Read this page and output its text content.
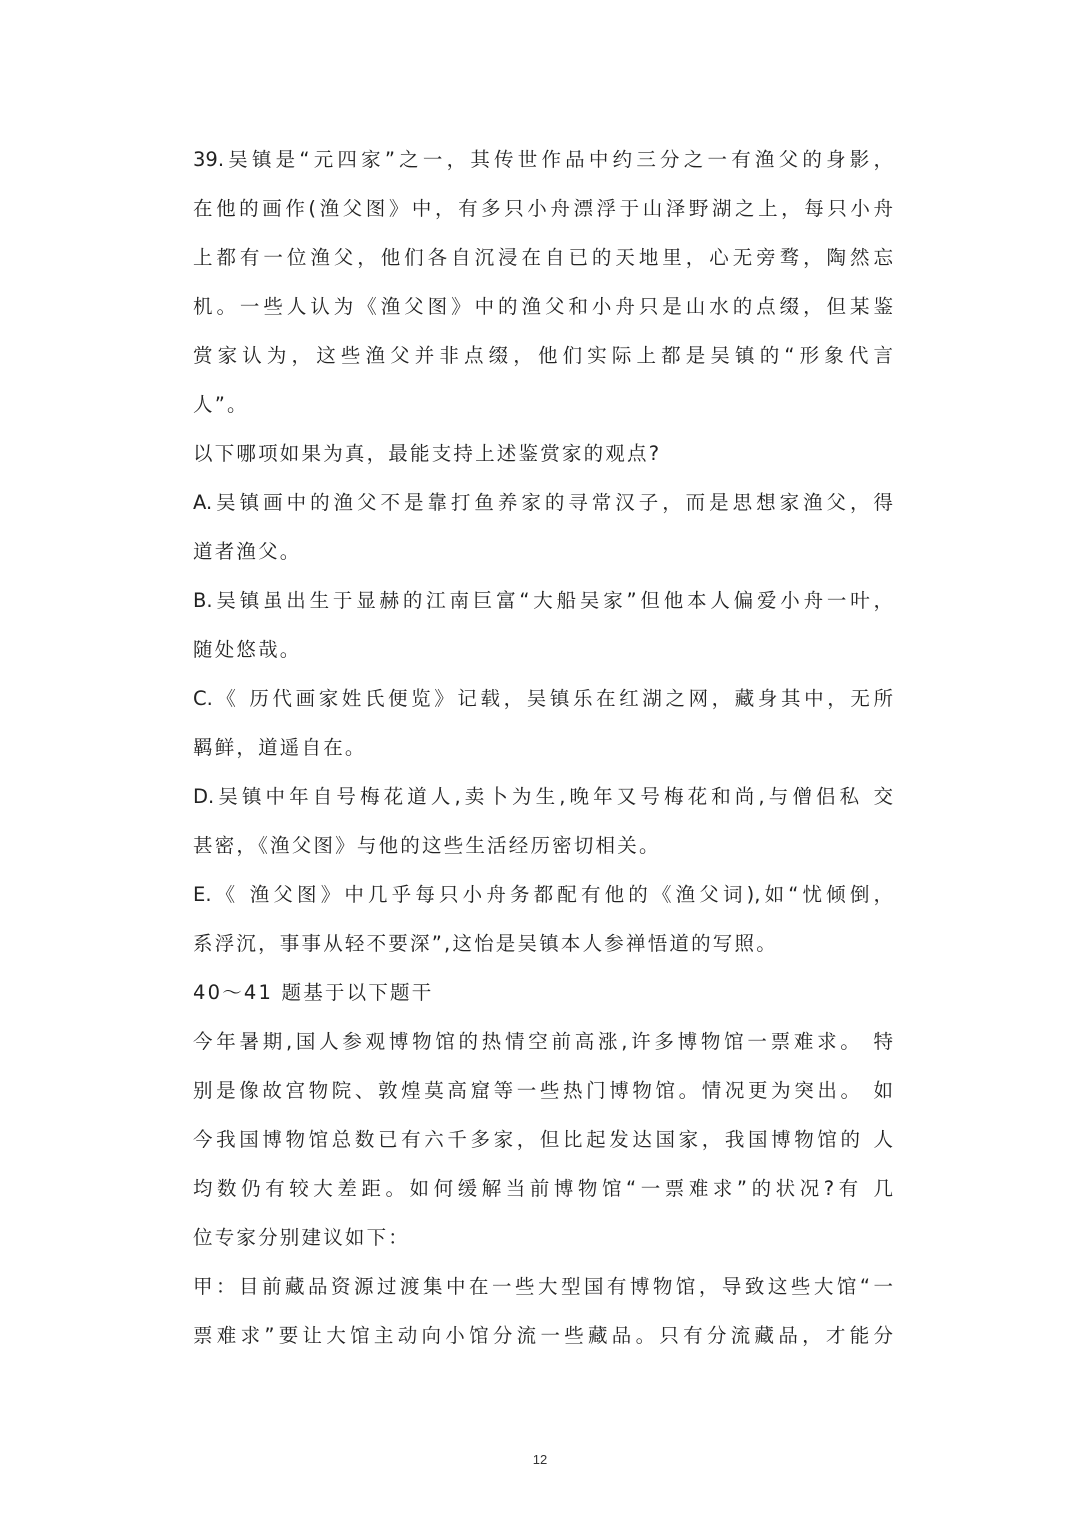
39.吴镇是“元四家”之一，其传世作品中约三分之一有渔父的身影，
在他的画作(渔父图》中，有多只小舟漂浮于山泽野湖之上，每只小舟
上都有一位渔父，他们各自沉浸在自已的天地里，心无旁骛，陶然忘
机。一些人认为《渔父图》中的渔父和小舟只是山水的点缀，但某鉴
赏家认为，这些渔父并非点缀，他们实际上都是吴镇的“形象代言
人”。
以下哪项如果为真，最能支持上述鉴赏家的观点?
A.吴镇画中的渔父不是靠打鱼养家的寻常汉子，而是思想家渔父，得
道者渔父。
B.吴镇虽出生于显赫的江南巨富“大船吴家”但他本人偏爱小舟一叶，
随处悠哉。
C.《 历代画家姓氏便览》记载，吴镇乐在红湖之网，藏身其中，无所
羁鲜，道遥自在。
D.吴镇中年自号梅花道人,卖卜为生,晚年又号梅花和尚,与僧侣私 交
甚密，《渔父图》与他的这些生活经历密切相关。
E.《 渔父图》中几乎每只小舟务都配有他的《渔父词),如“忧倾倒，
系浮沉，事事从轻不要深”,这怡是吴镇本人参禅悟道的写照。
40～41 题基于以下题干
今年暑期,国人参观博物馆的热情空前高涨,许多博物馆一票难求。 特
别是像故宫物院、敦煌莫高窟等一些热门博物馆。情况更为突出。 如
今我国博物馆总数已有六千多家，但比起发达国家，我国博物馆的 人
均数仍有较大差距。如何缓解当前博物馆“一票难求”的状况?有 几
位专家分别建议如下：
甲：目前藏品资源过渡集中在一些大型国有博物馆，导致这些大馆“一
票难求”要让大馆主动向小馆分流一些藏品。只有分流藏品，才能分
12
